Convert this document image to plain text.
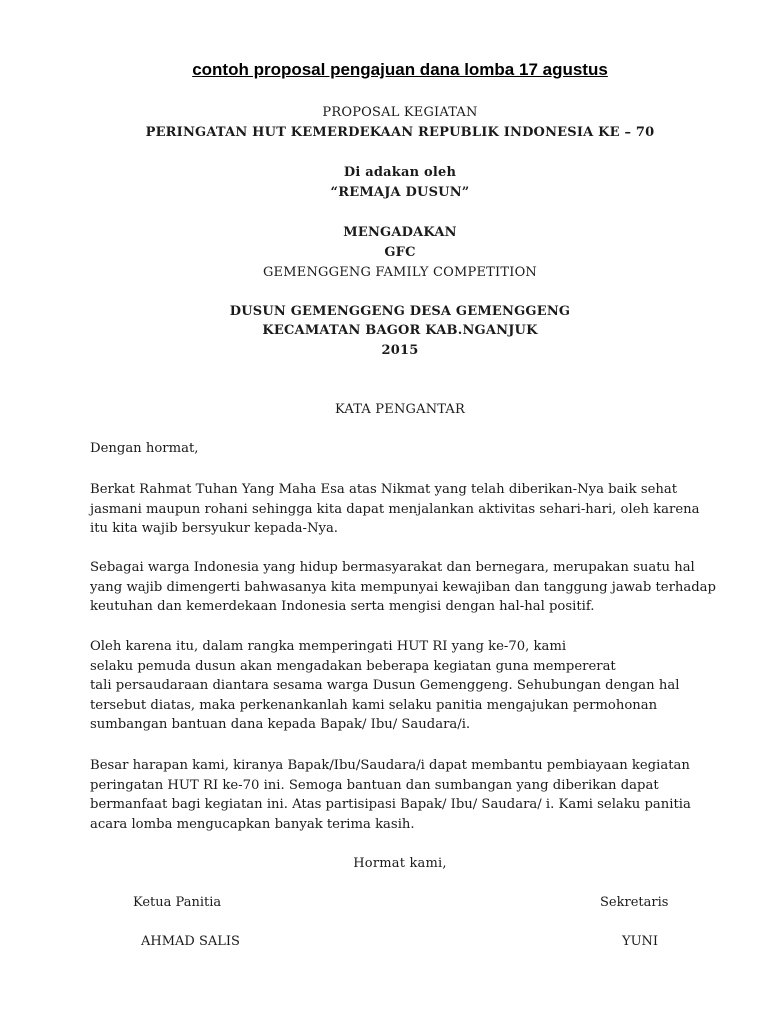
contoh proposal pengajuan dana lomba 17 agustus
PROPOSAL KEGIATAN
PERINGATAN HUT KEMERDEKAAN REPUBLIK INDONESIA KE – 70
Di adakan oleh
“REMAJA DUSUN”
MENGADAKAN
GFC
GEMENGGENG FAMILY COMPETITION
DUSUN GEMENGGENG DESA GEMENGGENG
KECAMATAN BAGOR KAB.NGANJUK
2015
KATA PENGANTAR
Dengan hormat,
Berkat Rahmat Tuhan Yang Maha Esa atas Nikmat yang telah diberikan-Nya baik sehat
jasmani maupun rohani sehingga kita dapat menjalankan aktivitas sehari-hari, oleh karena
itu kita wajib bersyukur kepada-Nya.
Sebagai warga Indonesia yang hidup bermasyarakat dan bernegara, merupakan suatu hal
yang wajib dimengerti bahwasanya kita mempunyai kewajiban dan tanggung jawab terhadap
keutuhan dan kemerdekaan Indonesia serta mengisi dengan hal-hal positif.
Oleh karena itu, dalam rangka memperingati HUT RI yang ke-70, kami
selaku pemuda dusun akan mengadakan beberapa kegiatan guna mempererat
tali persaudaraan diantara sesama warga Dusun Gemenggeng. Sehubungan dengan hal
tersebut diatas, maka perkenankanlah kami selaku panitia mengajukan permohonan
sumbangan bantuan dana kepada Bapak/ Ibu/ Saudara/i.
Besar harapan kami, kiranya Bapak/Ibu/Saudara/i dapat membantu pembiayaan kegiatan
peringatan HUT RI ke-70 ini. Semoga bantuan dan sumbangan yang diberikan dapat
bermanfaat bagi kegiatan ini. Atas partisipasi Bapak/ Ibu/ Saudara/ i. Kami selaku panitia
acara lomba mengucapkan banyak terima kasih.
Hormat kami,
Ketua Panitia
AHMAD SALIS
Sekretaris
YUNI
